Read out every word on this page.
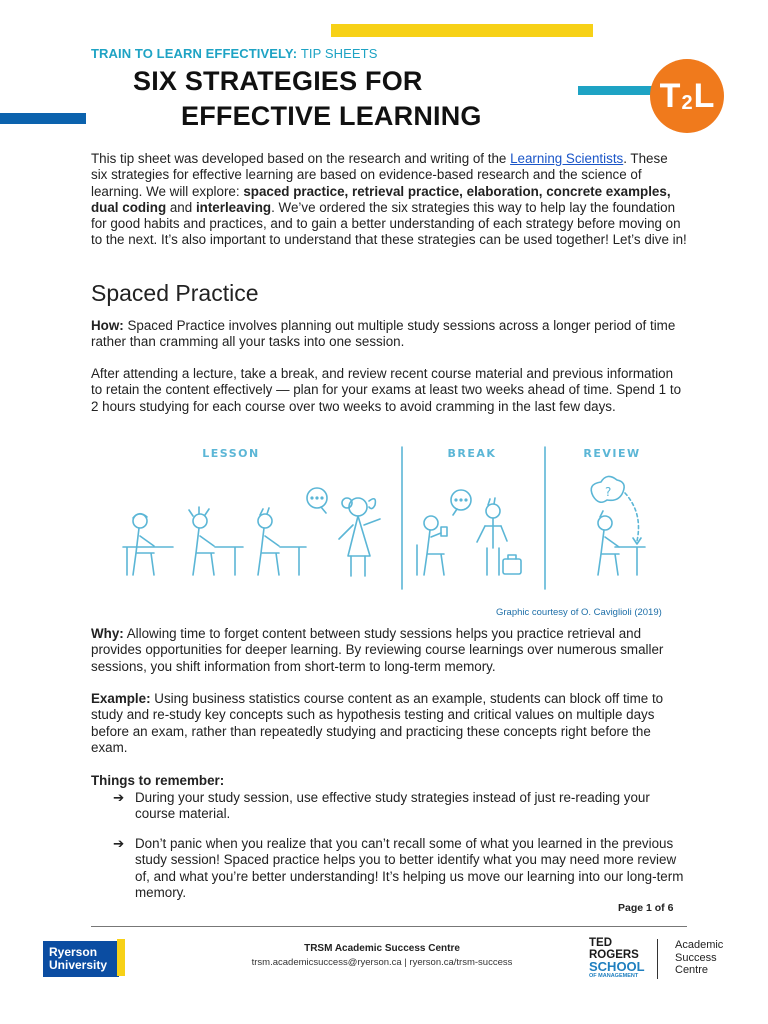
TRAIN TO LEARN EFFECTIVELY: TIP SHEETS
SIX STRATEGIES FOR
EFFECTIVE LEARNING
T 2 L
This tip sheet was developed based on the research and writing of the Learning Scientists. These six strategies for effective learning are based on evidence-based research and the science of learning. We will explore: spaced practice, retrieval practice, elaboration, concrete examples, dual coding and interleaving. We’ve ordered the six strategies this way to help lay the foundation for good habits and practices, and to gain a better understanding of each strategy before moving on to the next. It’s also important to understand that these strategies can be used together! Let’s dive in!
Spaced Practice
How: Spaced Practice involves planning out multiple study sessions across a longer period of time rather than cramming all your tasks into one session.
After attending a lecture, take a break, and review recent course material and previous information to retain the content effectively — plan for your exams at least two weeks ahead of time. Spend 1 to 2 hours studying for each course over two weeks to avoid cramming in the last few days.
LESSON	BREAK	REVIEW
?
Graphic courtesy of O. Caviglioli (2019)
Why: Allowing time to forget content between study sessions helps you practice retrieval and provides opportunities for deeper learning. By reviewing course learnings over numerous smaller sessions, you shift information from short-term to long-term memory.
Example: Using business statistics course content as an example, students can block off time to study and re-study key concepts such as hypothesis testing and critical values on multiple days before an exam, rather than repeatedly studying and practicing these concepts right before the exam.
Things to remember:
➔ During your study session, use effective study strategies instead of just re-reading your course material.
➔ Don’t panic when you realize that you can’t recall some of what you learned in the previous study session! Spaced practice helps you to better identify what you may need more review of, and what you’re better understanding! It’s helping us move our learning into our long-term memory.
Page 1 of 6
Ryerson
University
TRSM Academic Success Centre
trsm.academicsuccess@ryerson.ca | ryerson.ca/trsm-success
TED
ROGERS
SCHOOL
OF MANAGEMENT
Academic
Success
Centre
